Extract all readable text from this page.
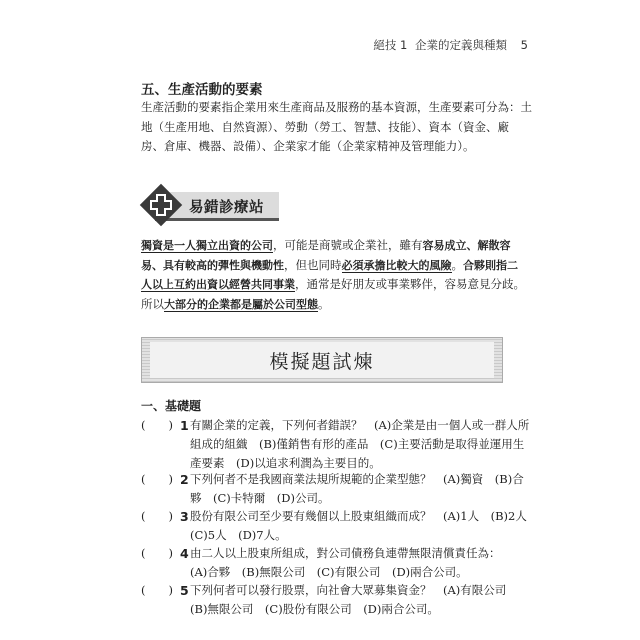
絕技 1 企業的定義與種類 5
五、生產活動的要素
生產活動的要素指企業用來生產商品及服務的基本資源，生產要素可分為：土
地（生產用地、自然資源）、勞動（勞工、智慧、技能）、資本（資金、廠
房、倉庫、機器、設備）、企業家才能（企業家精神及管理能力）。
易錯診療站
獨資是一人獨立出資的公司，可能是商號或企業社，雖有容易成立、解散容
易、具有較高的彈性與機動性，但也同時必須承擔比較大的風險。合夥則指二
人以上互約出資以經營共同事業，通常是好朋友或事業夥伴，容易意見分歧。
所以大部分的企業都是屬於公司型態。
模擬題試煉
一、基礎題
(　　) 1 有關企業的定義，下列何者錯誤？　(A)企業是由一個人或一群人所
組成的組織　(B)僅銷售有形的產品　(C)主要活動是取得並運用生
產要素　(D)以追求利潤為主要目的。
(　　) 2 下列何者不是我國商業法規所規範的企業型態？　(A)獨資　(B)合
夥　(C)卡特爾　(D)公司。
(　　) 3 股份有限公司至少要有幾個以上股東組織而成？　(A)1人　(B)2人
(C)5人　(D)7人。
(　　) 4 由二人以上股東所組成，對公司債務負連帶無限清償責任為：
(A)合夥　(B)無限公司　(C)有限公司　(D)兩合公司。
(　　) 5 下列何者可以發行股票，向社會大眾募集資金？　(A)有限公司
(B)無限公司　(C)股份有限公司　(D)兩合公司。
